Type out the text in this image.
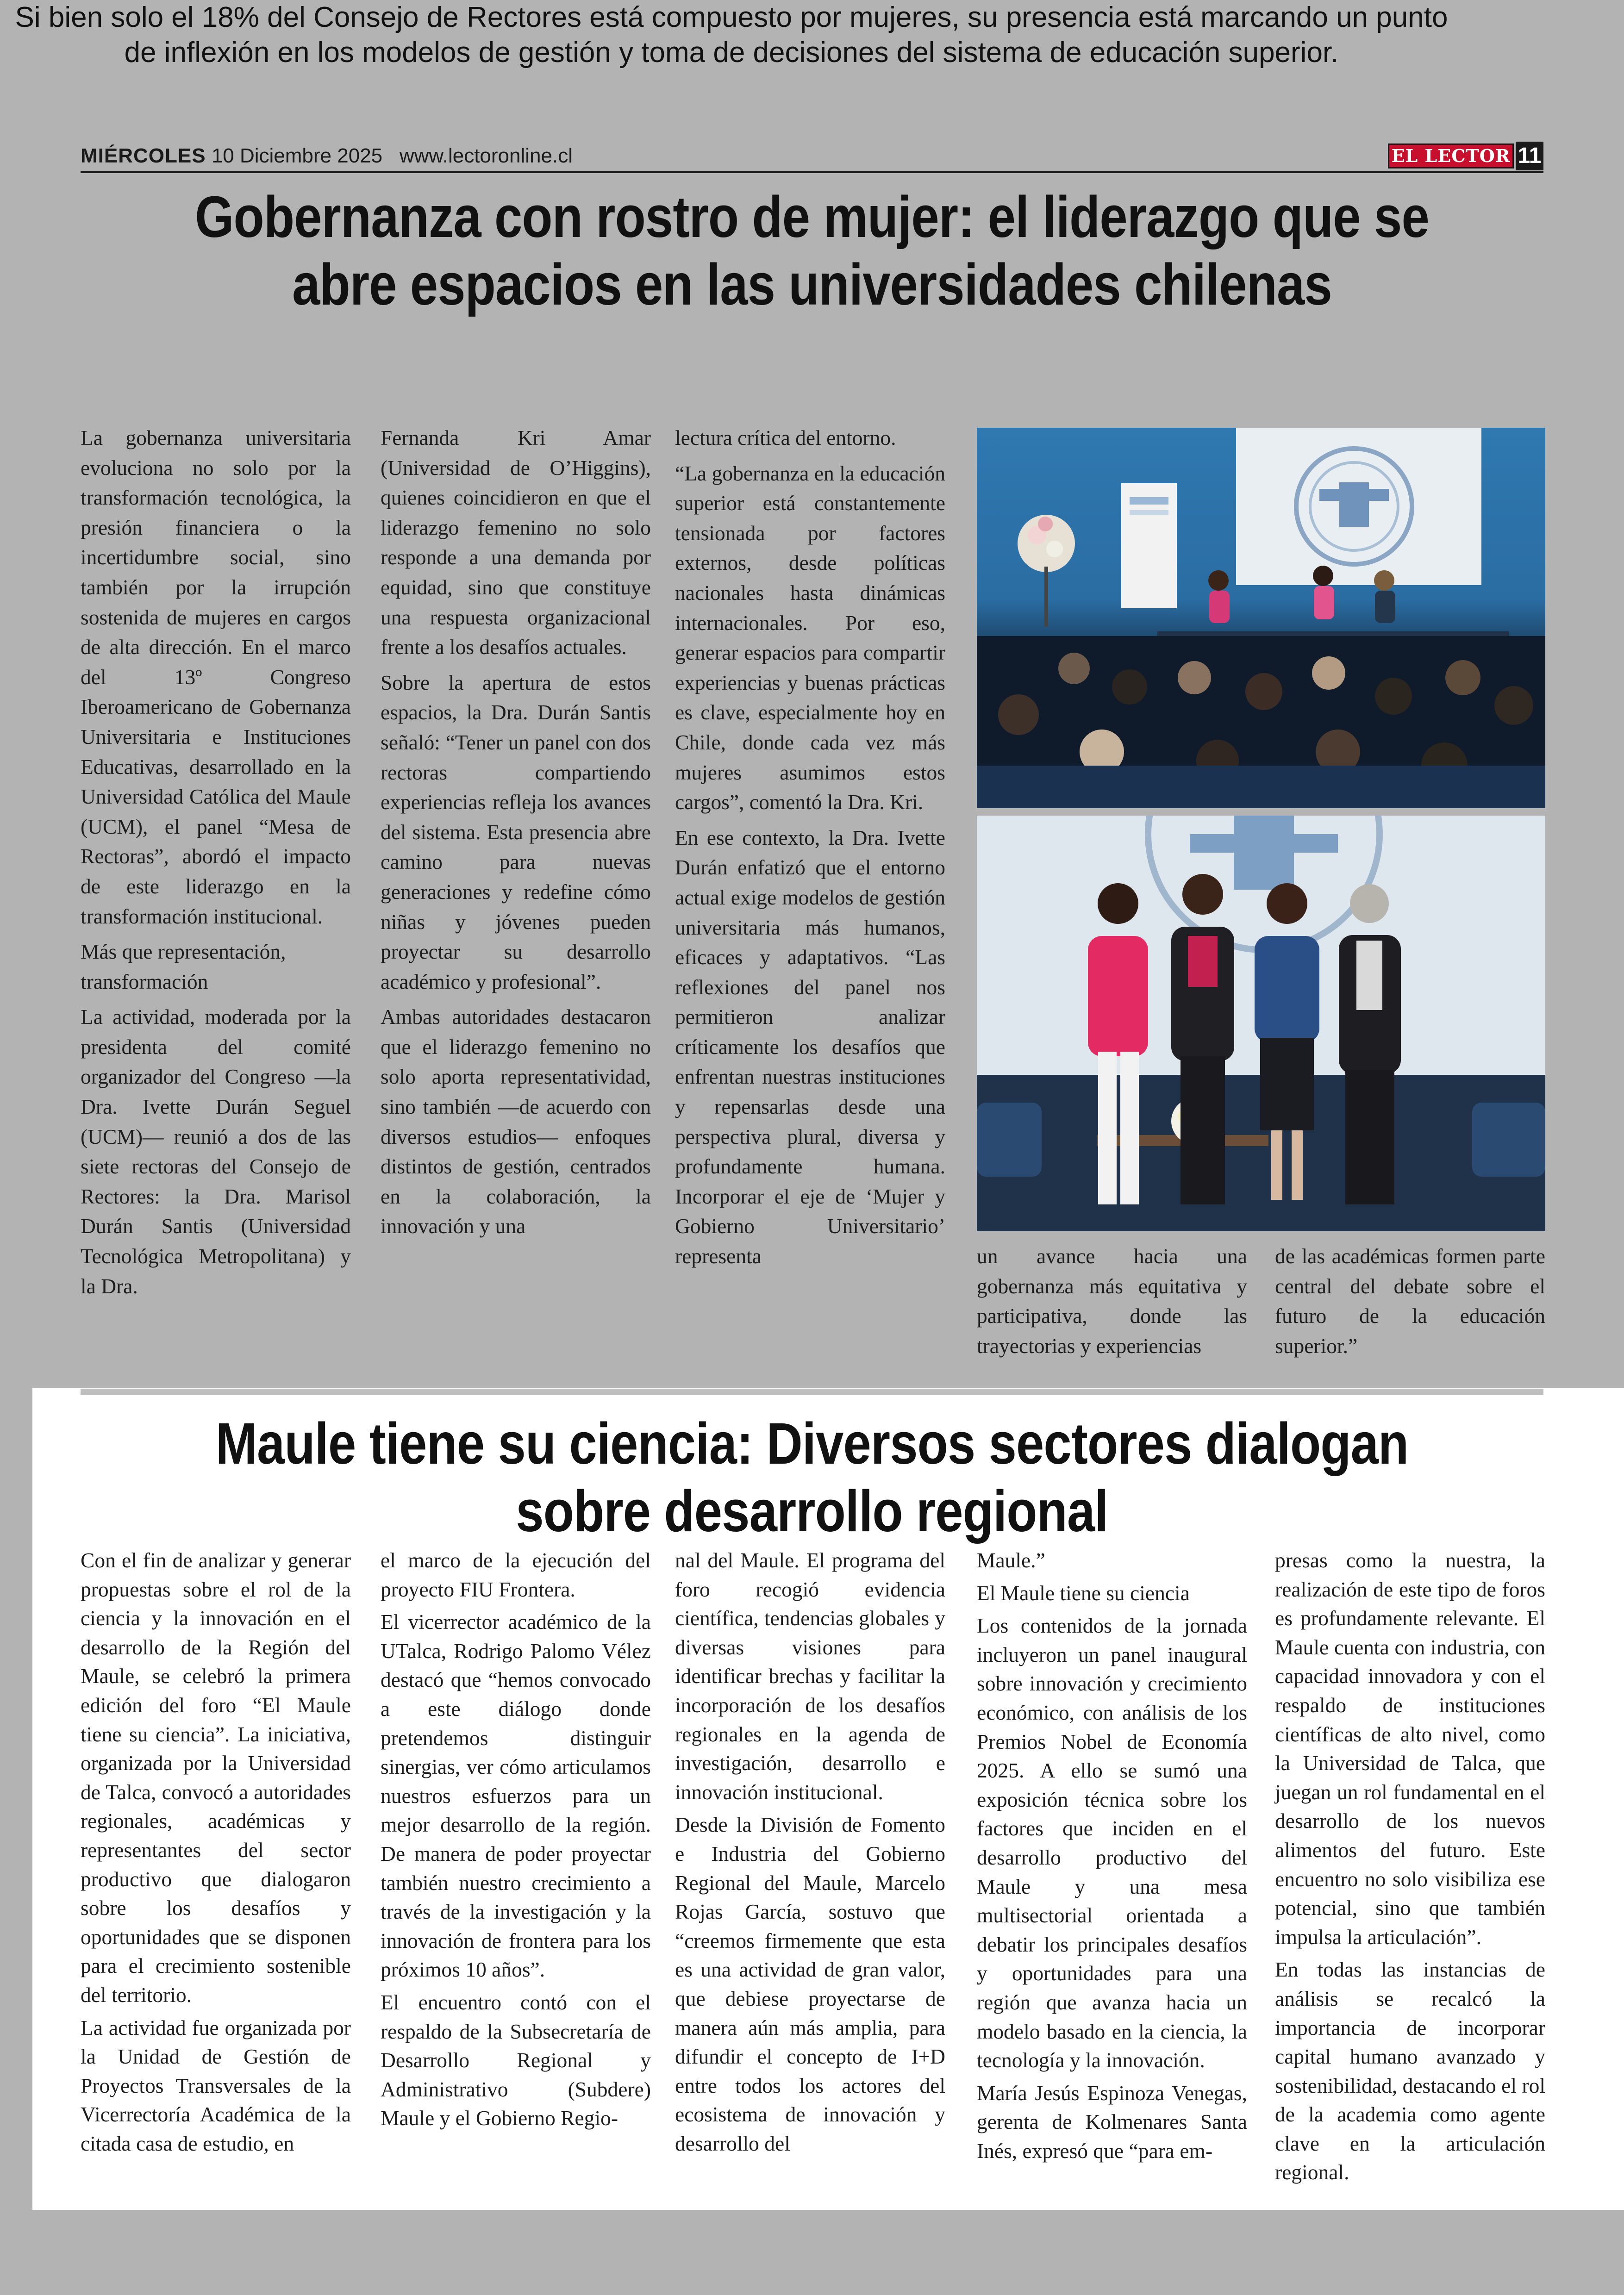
MIÉRCOLES 10 Diciembre 2025 www.lectoronline.cl	EL LECTOR 11
Gobernanza con rostro de mujer: el liderazgo que se abre espacios en las universidades chilenas

Si bien solo el 18% del Consejo de Rectores está compuesto por mujeres, su presencia está marcando un punto de inflexión en los modelos de gestión y toma de decisiones del sistema de educación superior.

La gobernanza universitaria evoluciona no solo por la transformación tecnológica, la presión financiera o la incertidumbre social, sino también por la irrupción sostenida de mujeres en cargos de alta dirección. En el marco del 13º Congreso Iberoamericano de Gobernanza Universitaria e Instituciones Educativas, desarrollado en la Universidad Católica del Maule (UCM), el panel “Mesa de Rectoras”, abordó el impacto de este liderazgo en la transformación institucional.

Más que representación, transformación

La actividad, moderada por la presidenta del comité organizador del Congreso —la Dra. Ivette Durán Seguel (UCM)— reunió a dos de las siete rectoras del Consejo de Rectores: la Dra. Marisol Durán Santis (Universidad Tecnológica Metropolitana) y la Dra.

Fernanda Kri Amar (Universidad de O’Higgins), quienes coincidieron en que el liderazgo femenino no solo responde a una demanda por equidad, sino que constituye una respuesta organizacional frente a los desafíos actuales.

Sobre la apertura de estos espacios, la Dra. Durán Santis señaló: “Tener un panel con dos rectoras compartiendo experiencias refleja los avances del sistema. Esta presencia abre camino para nuevas generaciones y redefine cómo niñas y jóvenes pueden proyectar su desarrollo académico y profesional”.

Ambas autoridades destacaron que el liderazgo femenino no solo aporta representatividad, sino también —de acuerdo con diversos estudios— enfoques distintos de gestión, centrados en la colaboración, la innovación y una

lectura crítica del entorno.

“La gobernanza en la educación superior está constantemente tensionada por factores externos, desde políticas nacionales hasta dinámicas internacionales. Por eso, generar espacios para compartir experiencias y buenas prácticas es clave, especialmente hoy en Chile, donde cada vez más mujeres asumimos estos cargos”, comentó la Dra. Kri.

En ese contexto, la Dra. Ivette Durán enfatizó que el entorno actual exige modelos de gestión universitaria más humanos, eficaces y adaptativos. “Las reflexiones del panel nos permitieron analizar críticamente los desafíos que enfrentan nuestras instituciones y repensarlas desde una perspectiva plural, diversa y profundamente humana. Incorporar el eje de ‘Mujer y Gobierno Universitario’ representa	un avance hacia una gobernanza más equitativa y participativa, donde las trayectorias y experiencias

de las académicas formen parte central del debate sobre el futuro de la educación superior.”

Maule tiene su ciencia: Diversos sectores dialogan sobre desarrollo regional

Con el fin de analizar y generar propuestas sobre el rol de la ciencia y la innovación en el desarrollo de la Región del Maule, se celebró la primera edición del foro “El Maule tiene su ciencia”. La iniciativa, organizada por la Universidad de Talca, convocó a autoridades regionales, académicas y representantes del sector productivo que dialogaron sobre los desafíos y oportunidades que se disponen para el crecimiento sostenible del territorio.

La actividad fue organizada por la Unidad de Gestión de Proyectos Transversales de la Vicerrectoría Académica de la citada casa de estudio, en

el marco de la ejecución del proyecto FIU Frontera.

El vicerrector académico de la UTalca, Rodrigo Palomo Vélez destacó que “hemos convocado a este diálogo donde pretendemos distinguir sinergias, ver cómo articulamos nuestros esfuerzos para un mejor desarrollo de la región. De manera de poder proyectar también nuestro crecimiento a través de la investigación y la innovación de frontera para los próximos 10 años”.

El encuentro contó con el respaldo de la Subsecretaría de Desarrollo Regional y Administrativo (Subdere) Maule y el Gobierno Regio-

nal del Maule. El programa del foro recogió evidencia científica, tendencias globales y diversas visiones para identificar brechas y facilitar la incorporación de los desafíos regionales en la agenda de investigación, desarrollo e innovación institucional.

Desde la División de Fomento e Industria del Gobierno Regional del Maule, Marcelo Rojas García, sostuvo que “creemos firmemente que esta es una actividad de gran valor, que debiese proyectarse de manera aún más amplia, para difundir el concepto de I+D entre todos los actores del ecosistema de innovación y desarrollo del

Maule.”

El Maule tiene su ciencia

Los contenidos de la jornada incluyeron un panel inaugural sobre innovación y crecimiento económico, con análisis de los Premios Nobel de Economía 2025. A ello se sumó una exposición técnica sobre los factores que inciden en el desarrollo productivo del Maule y una mesa multisectorial orientada a debatir los principales desafíos y oportunidades para una región que avanza hacia un modelo basado en la ciencia, la tecnología y la innovación.

María Jesús Espinoza Venegas, gerenta de Kolmenares Santa Inés, expresó que “para em-

presas como la nuestra, la realización de este tipo de foros es profundamente relevante. El Maule cuenta con industria, con capacidad innovadora y con el respaldo de instituciones científicas de alto nivel, como la Universidad de Talca, que juegan un rol fundamental en el desarrollo de los nuevos alimentos del futuro. Este encuentro no solo visibiliza ese potencial, sino que también impulsa la articulación”.

En todas las instancias de análisis se recalcó la importancia de incorporar capital humano avanzado y sostenibilidad, destacando el rol de la academia como agente clave en la articulación regional.
